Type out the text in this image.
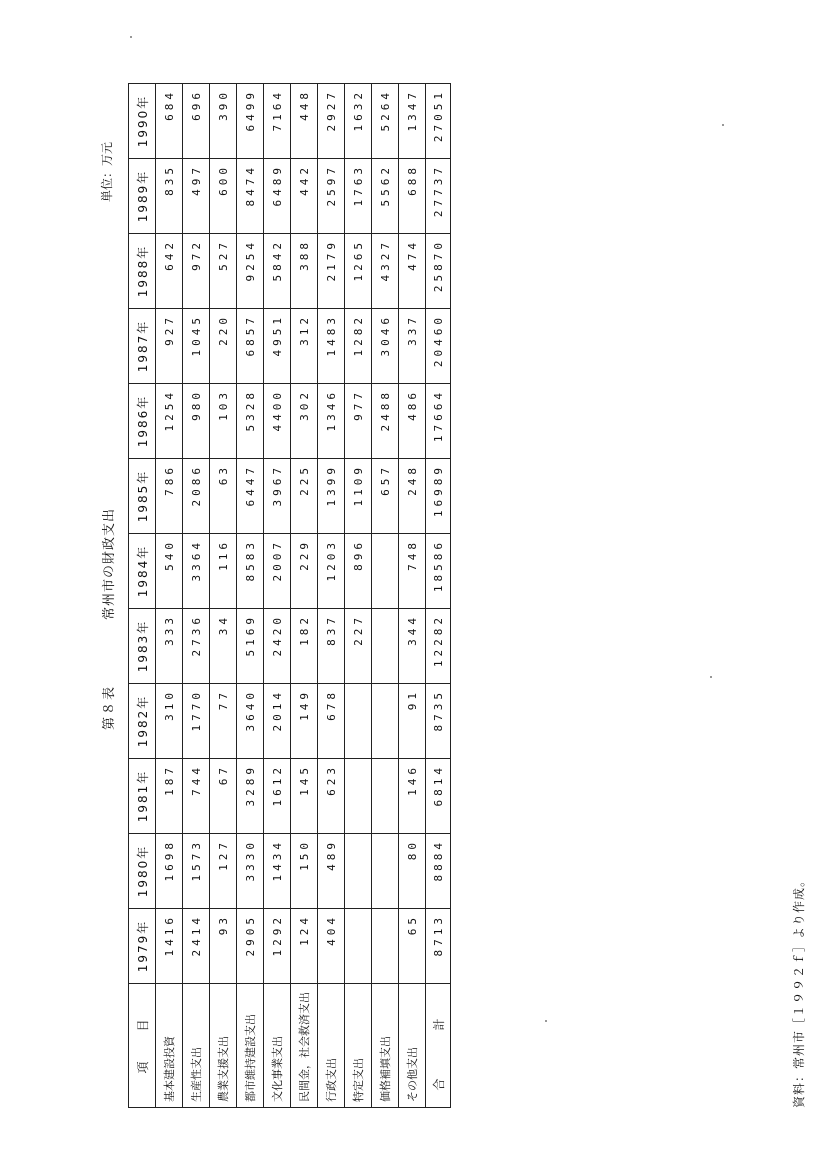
第８表
常州市の財政支出
単位：万元
項　　目	1979年	1980年	1981年	1982年	1983年	1984年	1985年	1986年	1987年	1988年	1989年	1990年
基本建設投資	1416	1698	187	310	333	540	786	1254	927	642	835	684
生産性支出	2414	1573	744	1770	2736	3364	2086	980	1045	972	497	696
農業支援支出	93	127	67	77	34	116	63	103	220	527	600	390
都市維持建設支出	2905	3330	3289	3640	5169	8583	6447	5328	6857	9254	8474	6499
文化事業支出	1292	1434	1612	2014	2420	2007	3967	4400	4951	5842	6489	7164
民間金，社会救済支出	124	150	145	149	182	229	225	302	312	388	442	448
行政支出	404	489	623	678	837	1203	1399	1346	1483	2179	2597	2927
特定支出					227	896	1109	977	1282	1265	1763	1632
価格補填支出							657	2488	3046	4327	5562	5264
その他支出	65	80	146	91	344	748	248	486	337	474	688	1347
合　計	8713	8884	6814	8735	12282	18586	16989	17664	20460	25870	27737	27051
資料：常州市［１９９２ｆ］より作成。
